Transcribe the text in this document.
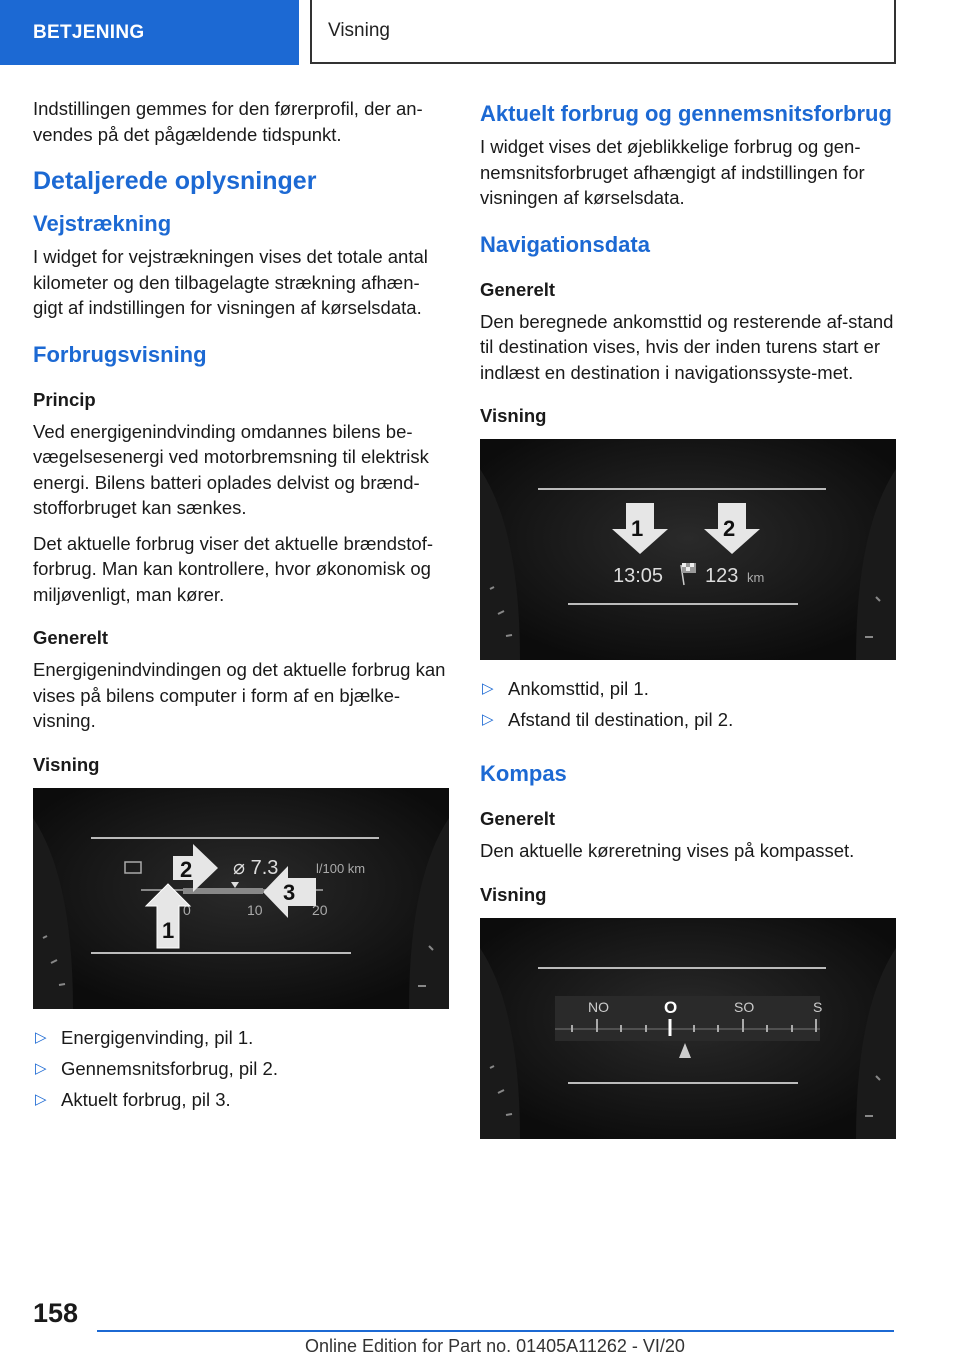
BETJENING	Visning

Indstillingen gemmes for den førerprofil, der an-vendes på det pågældende tidspunkt.

Detaljerede oplysninger
Vejstrækning

I widget for vejstrækningen vises det totale antal kilometer og den tilbagelagte strækning afhæn-gigt af indstillingen for visningen af kørselsdata.

Forbrugsvisning
Princip

Ved energigenindvinding omdannes bilens be-vægelsesenergi ved motorbremsning til elektrisk energi. Bilens batteri oplades delvist og brænd-stofforbruget kan sænkes.

Det aktuelle forbrug viser det aktuelle brændstof-forbrug. Man kan kontrollere, hvor økonomisk og miljøvenligt, man kører.

Generelt

Energigenindvindingen og det aktuelle forbrug kan vises på bilens computer i form af en bjælke-visning.

Visning
⌀ 7.3	l/100 km
0	10	20
1
2
3
▷ Energigenvinding, pil 1.
▷ Gennemsnitsforbrug, pil 2.
▷ Aktuelt forbrug, pil 3.
Aktuelt forbrug og gennemsnitsforbrug

I widget vises det øjeblikkelige forbrug og gen-nemsnitsforbruget afhængigt af indstillingen for visningen af kørselsdata.

Navigationsdata
Generelt

Den beregnede ankomsttid og resterende af-stand til destination vises, hvis der inden turens start er indlæst en destination i navigationssyste-met.

Visning
1	2
13:05 123 km
▷ Ankomsttid, pil 1.
▷ Afstand til destination, pil 2.
Kompas
Generelt

Den aktuelle køreretning vises på kompasset.

Visning
NO	O	SO	S
158
Online Edition for Part no. 01405A11262 - VI/20
